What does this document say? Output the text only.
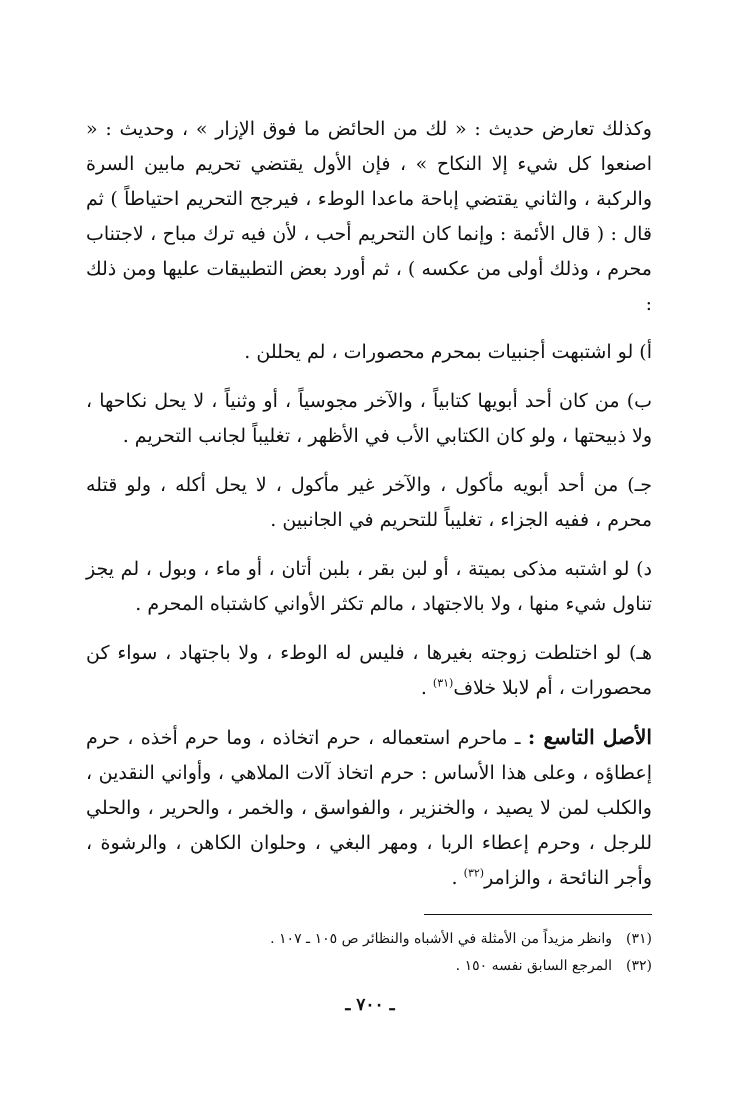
وكذلك تعارض حديث : « لك من الحائض ما فوق الإزار » ، وحديث : « اصنعوا كل شيء إلا النكاح » ، فإن الأول يقتضي تحريم مابين السرة والركبة ، والثاني يقتضي إباحة ماعدا الوطء ، فيرجح التحريم احتياطاً ) ثم قال : ( قال الأئمة : وإنما كان التحريم أحب ، لأن فيه ترك مباح ، لاجتناب محرم ، وذلك أولى من عكسه ) ، ثم أورد بعض التطبيقات عليها ومن ذلك :

أ) لو اشتبهت أجنبيات بمحرم محصورات ، لم يحللن .

ب) من كان أحد أبويها كتابياً ، والآخر مجوسياً ، أو وثنياً ، لا يحل نكاحها ، ولا ذبيحتها ، ولو كان الكتابي الأب في الأظهر ، تغليباً لجانب التحريم .

جـ) من أحد أبويه مأكول ، والآخر غير مأكول ، لا يحل أكله ، ولو قتله محرم ، ففيه الجزاء ، تغليباً للتحريم في الجانبين .

د) لو اشتبه مذكى بميتة ، أو لبن بقر ، بلبن أتان ، أو ماء ، وبول ، لم يجز تناول شيء منها ، ولا بالاجتهاد ، مالم تكثر الأواني كاشتباه المحرم .

هـ) لو اختلطت زوجته بغيرها ، فليس له الوطء ، ولا باجتهاد ، سواء كن محصورات ، أم لابلا خلاف$^{(٣١)}$ .

الأصل التاسع : ـ ماحرم استعماله ، حرم اتخاذه ، وما حرم أخذه ، حرم إعطاؤه ، وعلى هذا الأساس : حرم اتخاذ آلات الملاهي ، وأواني النقدين ، والكلب لمن لا يصيد ، والخنزير ، والفواسق ، والخمر ، والحرير ، والحلي للرجل ، وحرم إعطاء الربا ، ومهر البغي ، وحلوان الكاهن ، والرشوة ، وأجر النائحة ، والزامر$^{(٣٢)}$ .

(٣١)وانظر مزيداً من الأمثلة في الأشباه والنظائر ص ١٠٥ ـ ١٠٧ .
(٣٢)المرجع السابق نفسه ١٥٠ .
ـ ٧٠٠ ـ
